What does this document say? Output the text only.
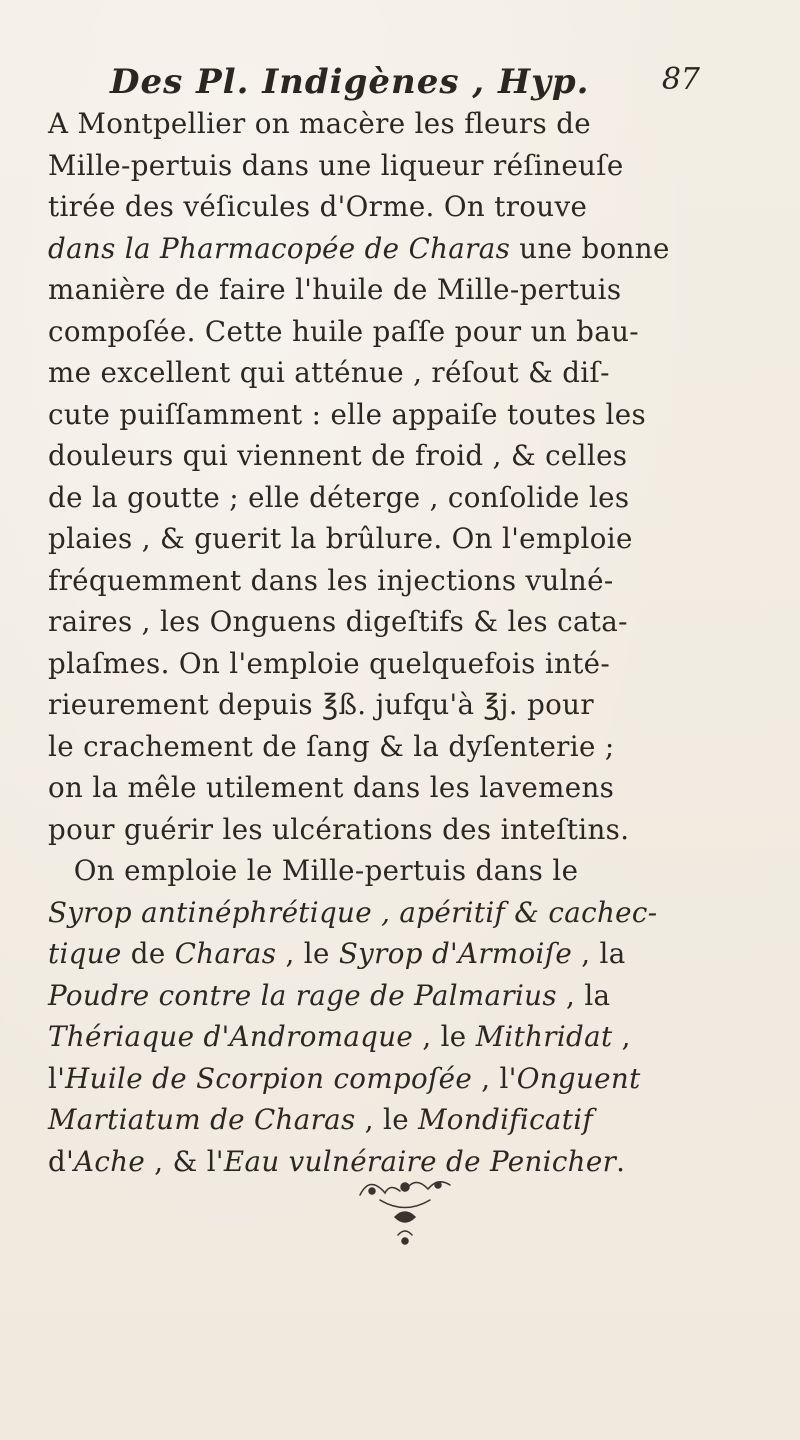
Des Pl. Indigènes , Hyp. 87
A Montpellier on macère les fleurs de
Mille-pertuis dans une liqueur réſineuſe
tirée des véſicules d'Orme. On trouve
dans la Pharmacopée de Charas une bonne
manière de faire l'huile de Mille-pertuis
compoſée. Cette huile paſſe pour un bau-
me excellent qui atténue , réſout & diſ-
cute puiſſamment : elle appaiſe toutes les
douleurs qui viennent de froid , & celles
de la goutte ; elle déterge , conſolide les
plaies , & guerit la brûlure. On l'emploie
fréquemment dans les injections vulné-
raires , les Onguens digeſtifs & les cata-
plaſmes. On l'emploie quelquefois inté-
rieurement depuis ℥ß. jufqu'à ℥j. pour
le crachement de ſang & la dyſenterie ;
on la mêle utilement dans les lavemens
pour guérir les ulcérations des inteſtins.
On emploie le Mille-pertuis dans le
Syrop antinéphrétique , apéritif & cachec-
tique de Charas , le Syrop d'Armoiſe , la
Poudre contre la rage de Palmarius , la
Thériaque d'Andromaque , le Mithridat ,
l'Huile de Scorpion compoſée , l'Onguent
Martiatum de Charas , le Mondificatif
d'Ache , & l'Eau vulnéraire de Penicher.
